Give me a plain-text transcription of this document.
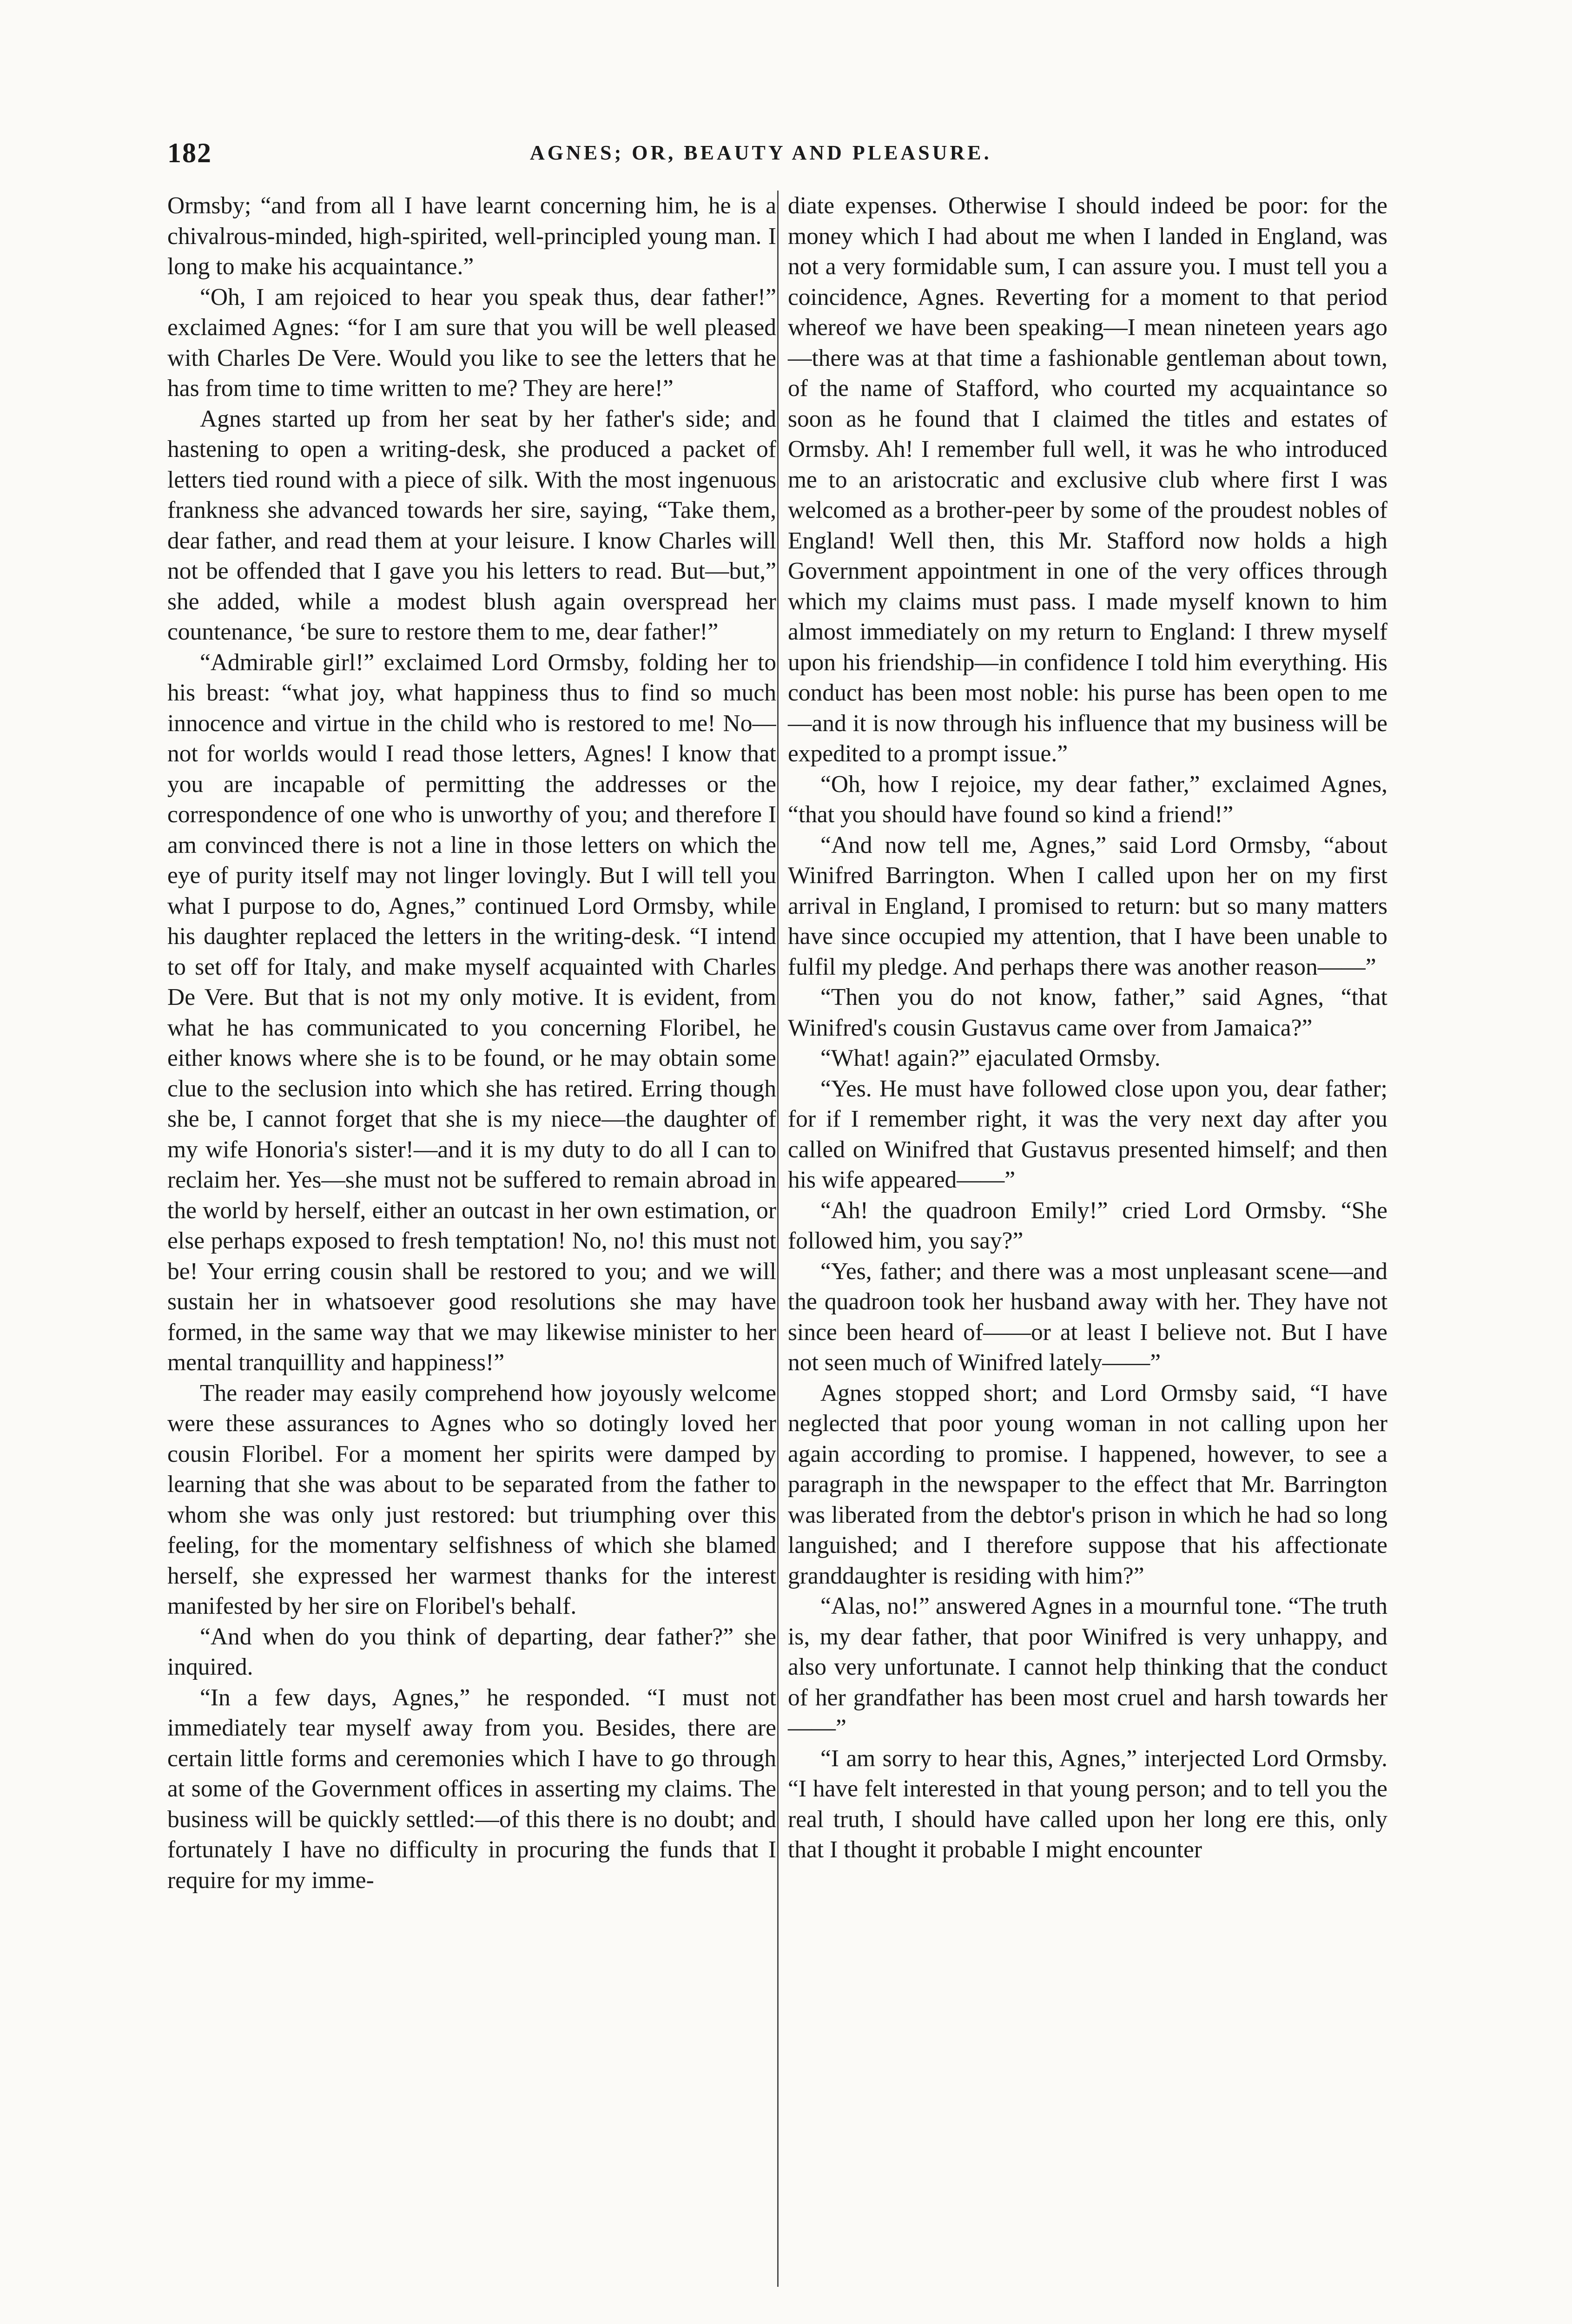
182	AGNES; OR, BEAUTY AND PLEASURE.

Ormsby; “and from all I have learnt concerning him, he is a chivalrous-minded, high-spirited, well-principled young man. I long to make his acquaintance.”

“Oh, I am rejoiced to hear you speak thus, dear father!” exclaimed Agnes: “for I am sure that you will be well pleased with Charles De Vere. Would you like to see the letters that he has from time to time written to me? They are here!”

Agnes started up from her seat by her father's side; and hastening to open a writing-desk, she produced a packet of letters tied round with a piece of silk. With the most ingenuous frankness she advanced towards her sire, saying, “Take them, dear father, and read them at your leisure. I know Charles will not be offended that I gave you his letters to read. But—but,” she added, while a modest blush again overspread her countenance, ‘be sure to restore them to me, dear father!”

“Admirable girl!” exclaimed Lord Ormsby, folding her to his breast: “what joy, what happiness thus to find so much innocence and virtue in the child who is restored to me! No—not for worlds would I read those letters, Agnes! I know that you are incapable of permitting the addresses or the correspondence of one who is unworthy of you; and therefore I am convinced there is not a line in those letters on which the eye of purity itself may not linger lovingly. But I will tell you what I purpose to do, Agnes,” continued Lord Ormsby, while his daughter replaced the letters in the writing-desk. “I intend to set off for Italy, and make myself acquainted with Charles De Vere. But that is not my only motive. It is evident, from what he has communicated to you concerning Floribel, he either knows where she is to be found, or he may obtain some clue to the seclusion into which she has retired. Erring though she be, I cannot forget that she is my niece—the daughter of my wife Honoria's sister!—and it is my duty to do all I can to reclaim her. Yes—she must not be suffered to remain abroad in the world by herself, either an outcast in her own estimation, or else perhaps exposed to fresh temptation! No, no! this must not be! Your erring cousin shall be restored to you; and we will sustain her in whatsoever good resolutions she may have formed, in the same way that we may likewise minister to her mental tranquillity and happiness!”

The reader may easily comprehend how joyously welcome were these assurances to Agnes who so dotingly loved her cousin Floribel. For a moment her spirits were damped by learning that she was about to be separated from the father to whom she was only just restored: but triumphing over this feeling, for the momentary selfishness of which she blamed herself, she expressed her warmest thanks for the interest manifested by her sire on Floribel's behalf.

“And when do you think of departing, dear father?” she inquired.

“In a few days, Agnes,” he responded. “I must not immediately tear myself away from you. Besides, there are certain little forms and ceremonies which I have to go through at some of the Government offices in asserting my claims. The business will be quickly settled:—of this there is no doubt; and fortunately I have no difficulty in procuring the funds that I require for my imme-

diate expenses. Otherwise I should indeed be poor: for the money which I had about me when I landed in England, was not a very formidable sum, I can assure you. I must tell you a coincidence, Agnes. Reverting for a moment to that period whereof we have been speaking—I mean nineteen years ago—there was at that time a fashionable gentleman about town, of the name of Stafford, who courted my acquaintance so soon as he found that I claimed the titles and estates of Ormsby. Ah! I remember full well, it was he who introduced me to an aristocratic and exclusive club where first I was welcomed as a brother-peer by some of the proudest nobles of England! Well then, this Mr. Stafford now holds a high Government appointment in one of the very offices through which my claims must pass. I made myself known to him almost immediately on my return to England: I threw myself upon his friendship—in confidence I told him everything. His conduct has been most noble: his purse has been open to me—and it is now through his influence that my business will be expedited to a prompt issue.”

“Oh, how I rejoice, my dear father,” exclaimed Agnes, “that you should have found so kind a friend!”

“And now tell me, Agnes,” said Lord Ormsby, “about Winifred Barrington. When I called upon her on my first arrival in England, I promised to return: but so many matters have since occupied my attention, that I have been unable to fulfil my pledge. And perhaps there was another reason——”

“Then you do not know, father,” said Agnes, “that Winifred's cousin Gustavus came over from Jamaica?”

“What! again?” ejaculated Ormsby.

“Yes. He must have followed close upon you, dear father; for if I remember right, it was the very next day after you called on Winifred that Gustavus presented himself; and then his wife appeared——”

“Ah! the quadroon Emily!” cried Lord Ormsby. “She followed him, you say?”

“Yes, father; and there was a most unpleasant scene—and the quadroon took her husband away with her. They have not since been heard of——or at least I believe not. But I have not seen much of Winifred lately——”

Agnes stopped short; and Lord Ormsby said, “I have neglected that poor young woman in not calling upon her again according to promise. I happened, however, to see a paragraph in the newspaper to the effect that Mr. Barrington was liberated from the debtor's prison in which he had so long languished; and I therefore suppose that his affectionate granddaughter is residing with him?”

“Alas, no!” answered Agnes in a mournful tone. “The truth is, my dear father, that poor Winifred is very unhappy, and also very unfortunate. I cannot help thinking that the conduct of her grandfather has been most cruel and harsh towards her——”

“I am sorry to hear this, Agnes,” interjected Lord Ormsby. “I have felt interested in that young person; and to tell you the real truth, I should have called upon her long ere this, only that I thought it probable I might encounter
